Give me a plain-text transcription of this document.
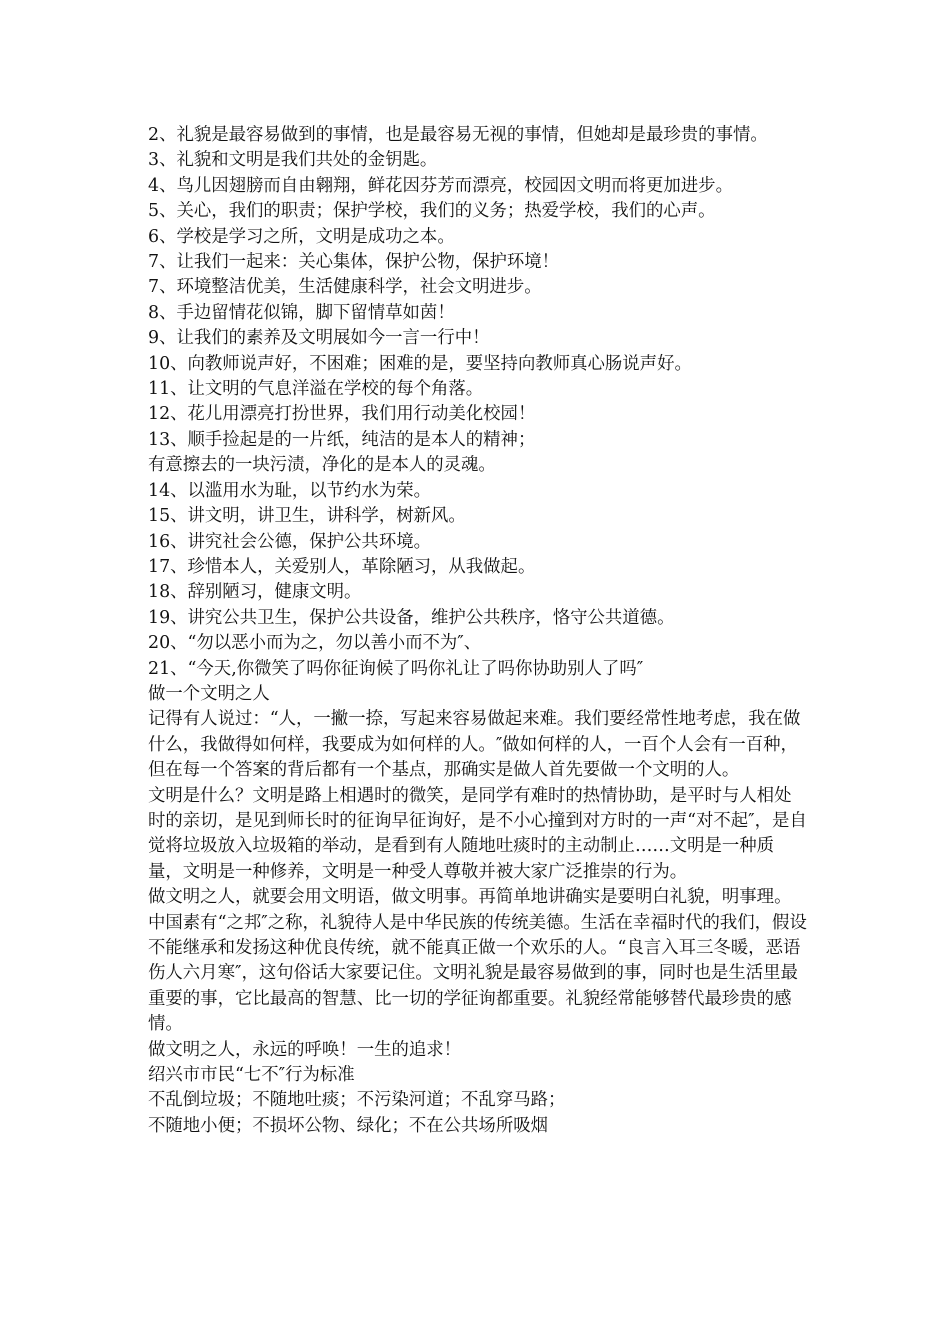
2、礼貌是最容易做到的事情，也是最容易无视的事情，但她却是最珍贵的事情。

3、礼貌和文明是我们共处的金钥匙。

4、鸟儿因翅膀而自由翱翔，鲜花因芬芳而漂亮，校园因文明而将更加进步。

5、关心，我们的职责；保护学校，我们的义务；热爱学校，我们的心声。

6、学校是学习之所，文明是成功之本。

7、让我们一起来：关心集体，保护公物，保护环境！

7、环境整洁优美，生活健康科学，社会文明进步。

8、手边留情花似锦，脚下留情草如茵！

9、让我们的素养及文明展如今一言一行中！

10、向教师说声好，不困难；困难的是，要坚持向教师真心肠说声好。

11、让文明的气息洋溢在学校的每个角落。

12、花儿用漂亮打扮世界，我们用行动美化校园！

13、顺手捡起是的一片纸，纯洁的是本人的精神；

有意擦去的一块污渍，净化的是本人的灵魂。

14、以滥用水为耻，以节约水为荣。

15、讲文明，讲卫生，讲科学，树新风。

16、讲究社会公德，保护公共环境。

17、珍惜本人，关爱别人，革除陋习，从我做起。

18、辞别陋习，健康文明。

19、讲究公共卫生，保护公共设备，维护公共秩序，恪守公共道德。

20、“勿以恶小而为之，勿以善小而不为″、

21、“今天,你微笑了吗你征询候了吗你礼让了吗你协助别人了吗″

做一个文明之人

记得有人说过：“人，一撇一捺，写起来容易做起来难。我们要经常性地考虑，我在做什么，我做得如何样，我要成为如何样的人。″做如何样的人，一百个人会有一百种，但在每一个答案的背后都有一个基点，那确实是做人首先要做一个文明的人。

文明是什么？文明是路上相遇时的微笑，是同学有难时的热情协助，是平时与人相处时的亲切，是见到师长时的征询早征询好，是不小心撞到对方时的一声“对不起″，是自觉将垃圾放入垃圾箱的举动，是看到有人随地吐痰时的主动制止……文明是一种质量，文明是一种修养，文明是一种受人尊敬并被大家广泛推崇的行为。

做文明之人，就要会用文明语，做文明事。再简单地讲确实是要明白礼貌，明事理。中国素有“之邦″之称，礼貌待人是中华民族的传统美德。生活在幸福时代的我们，假设不能继承和发扬这种优良传统，就不能真正做一个欢乐的人。“良言入耳三冬暖，恶语伤人六月寒″，这句俗话大家要记住。文明礼貌是最容易做到的事，同时也是生活里最重要的事，它比最高的智慧、比一切的学征询都重要。礼貌经常能够替代最珍贵的感情。

做文明之人，永远的呼唤！一生的追求！

绍兴市市民“七不″行为标准

不乱倒垃圾；不随地吐痰；不污染河道；不乱穿马路；

不随地小便；不损坏公物、绿化；不在公共场所吸烟
